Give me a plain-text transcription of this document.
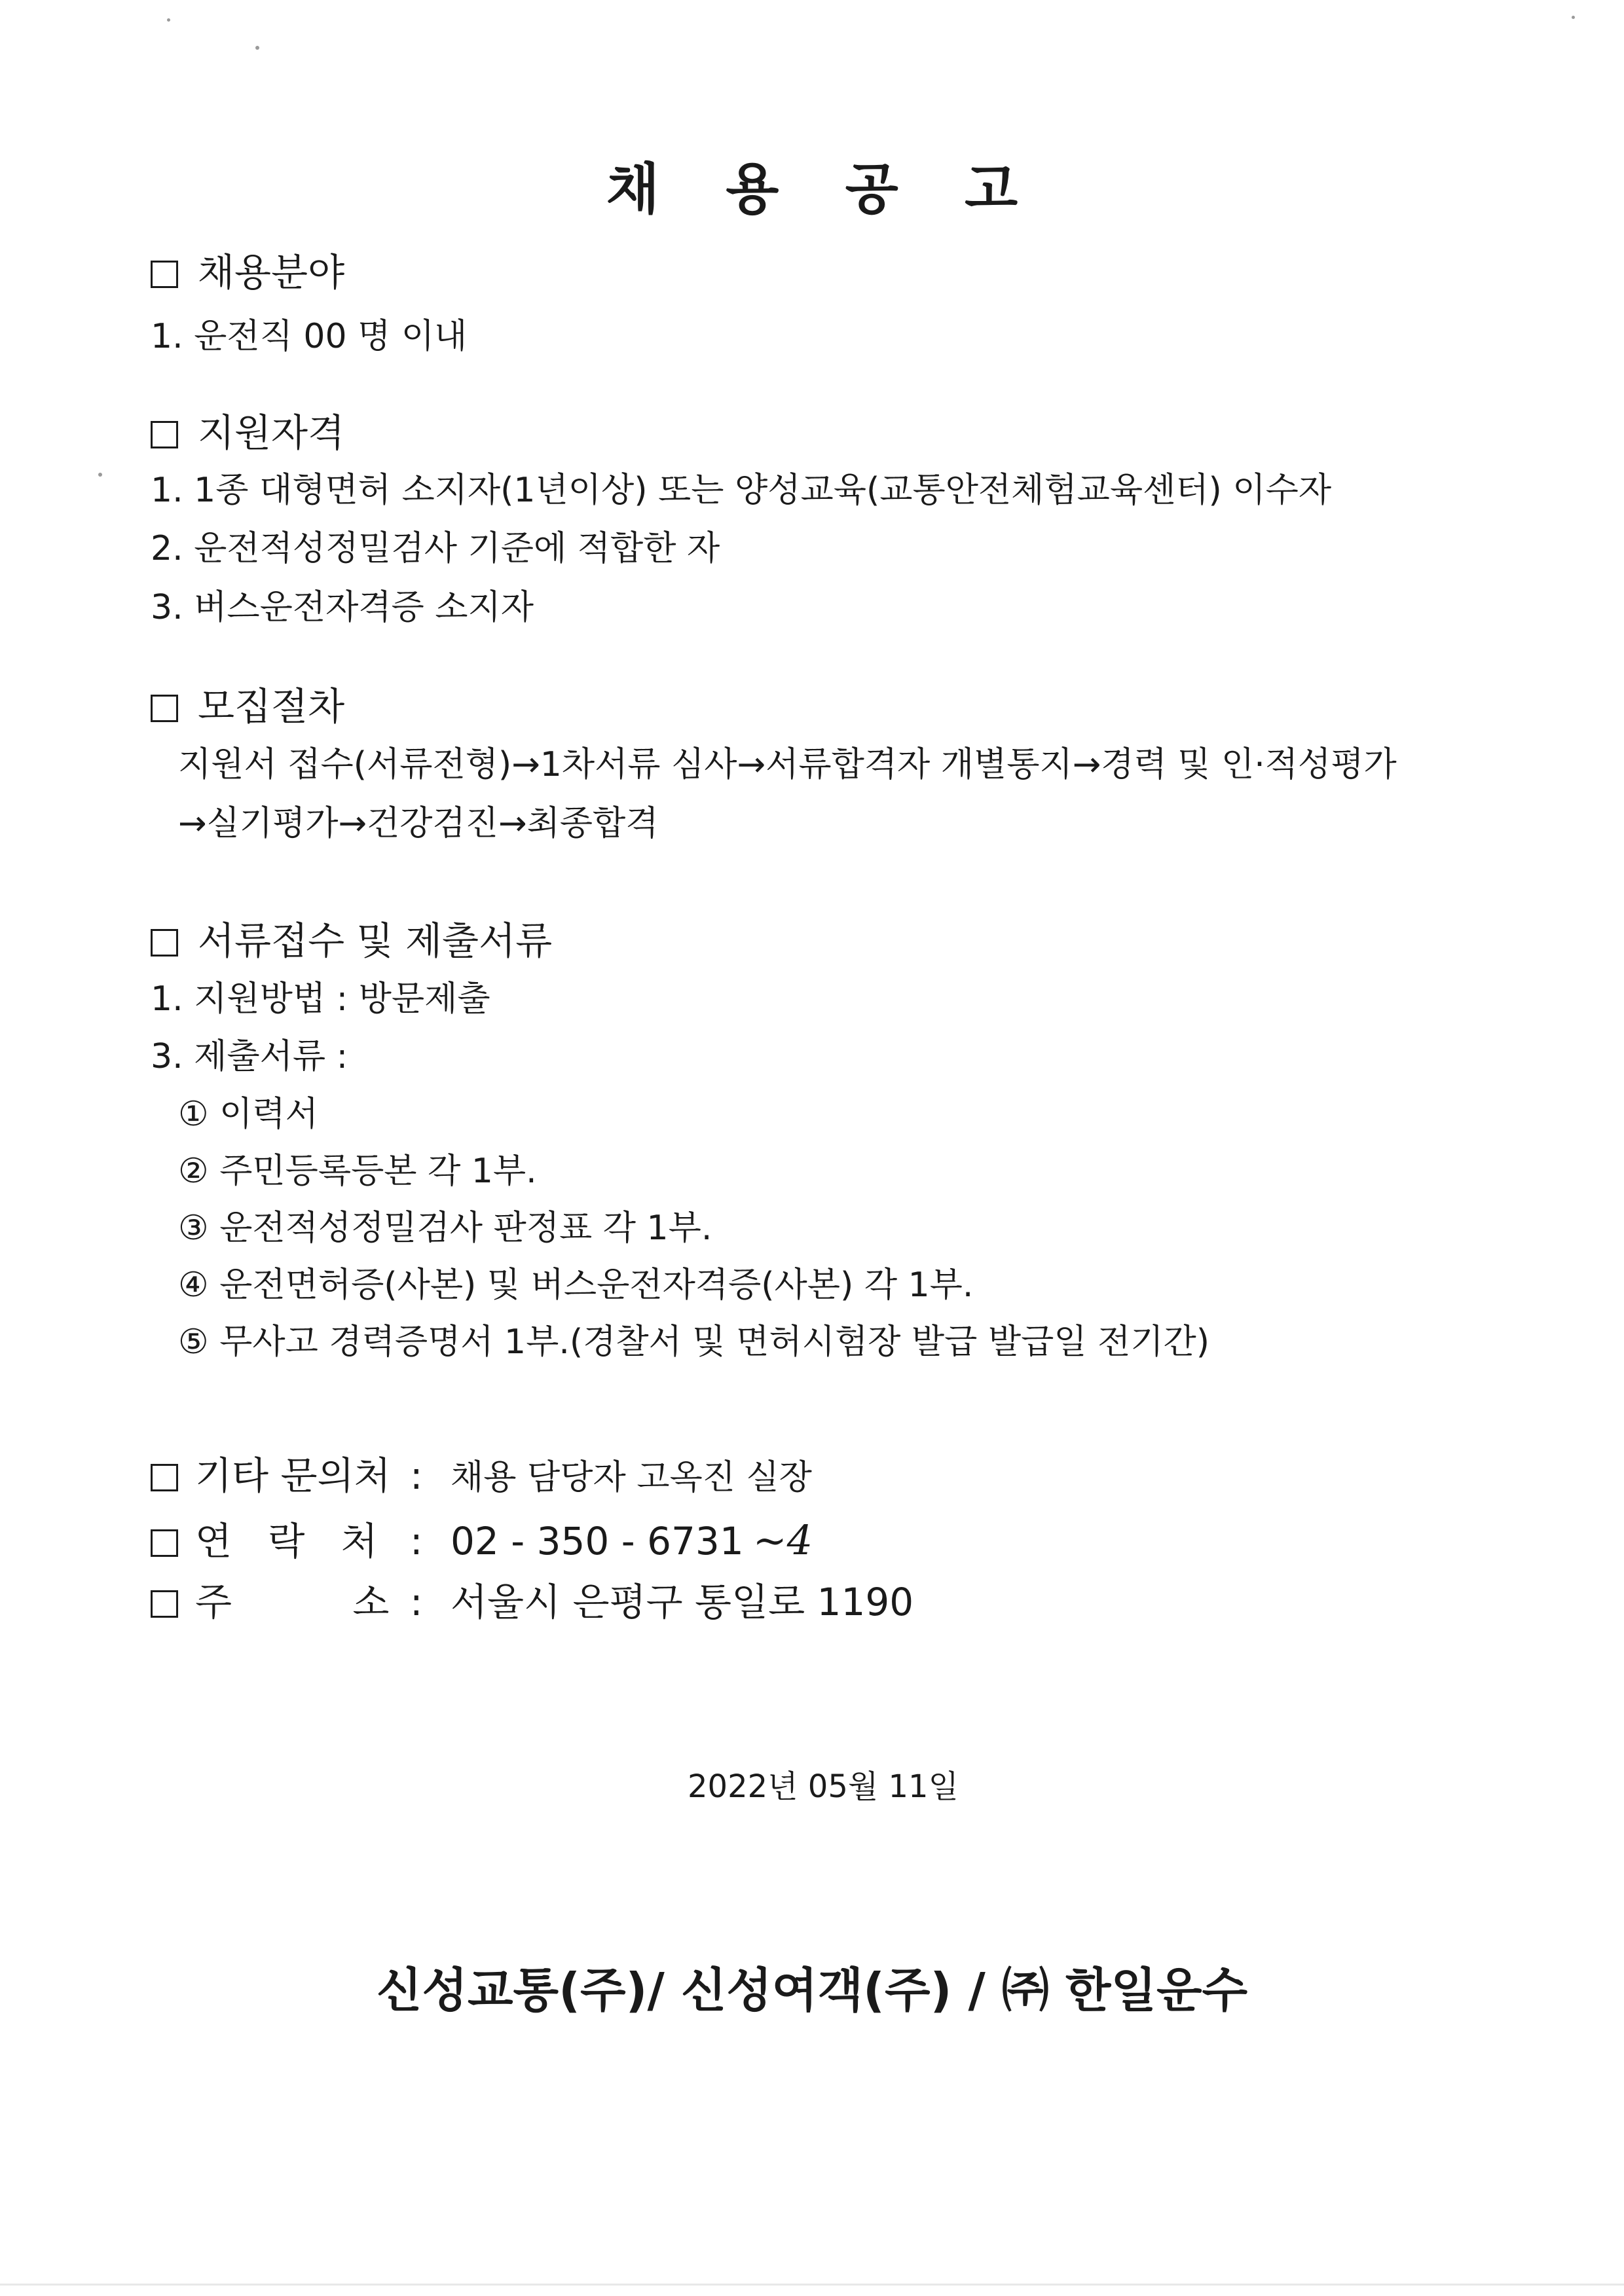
채 용 공 고
채용분야
1. 운전직 00 명 이내
지원자격
1. 1종 대형면허 소지자(1년이상) 또는 양성교육(교통안전체험교육센터) 이수자
2. 운전적성정밀검사 기준에 적합한 자
3. 버스운전자격증 소지자
모집절차
지원서 접수(서류전형)→1차서류 심사→서류합격자 개별통지→경력 및 인·적성평가
→실기평가→건강검진→최종합격
서류접수 및 제출서류
1. 지원방법 : 방문제출
3. 제출서류 :
① 이력서
② 주민등록등본 각 1부.
③ 운전적성정밀검사 판정표 각 1부.
④ 운전면허증(사본) 및 버스운전자격증(사본) 각 1부.
⑤ 무사고 경력증명서 1부.(경찰서 및 면허시험장 발급 발급일 전기간)
기타 문의처 : 채용 담당자 고옥진 실장
연   락   처 : 02 - 350 - 6731 ~4
주          소 : 서울시 은평구 통일로 1190
2022년 05월 11일
신성교통(주)/ 신성여객(주) / ㈜ 한일운수
